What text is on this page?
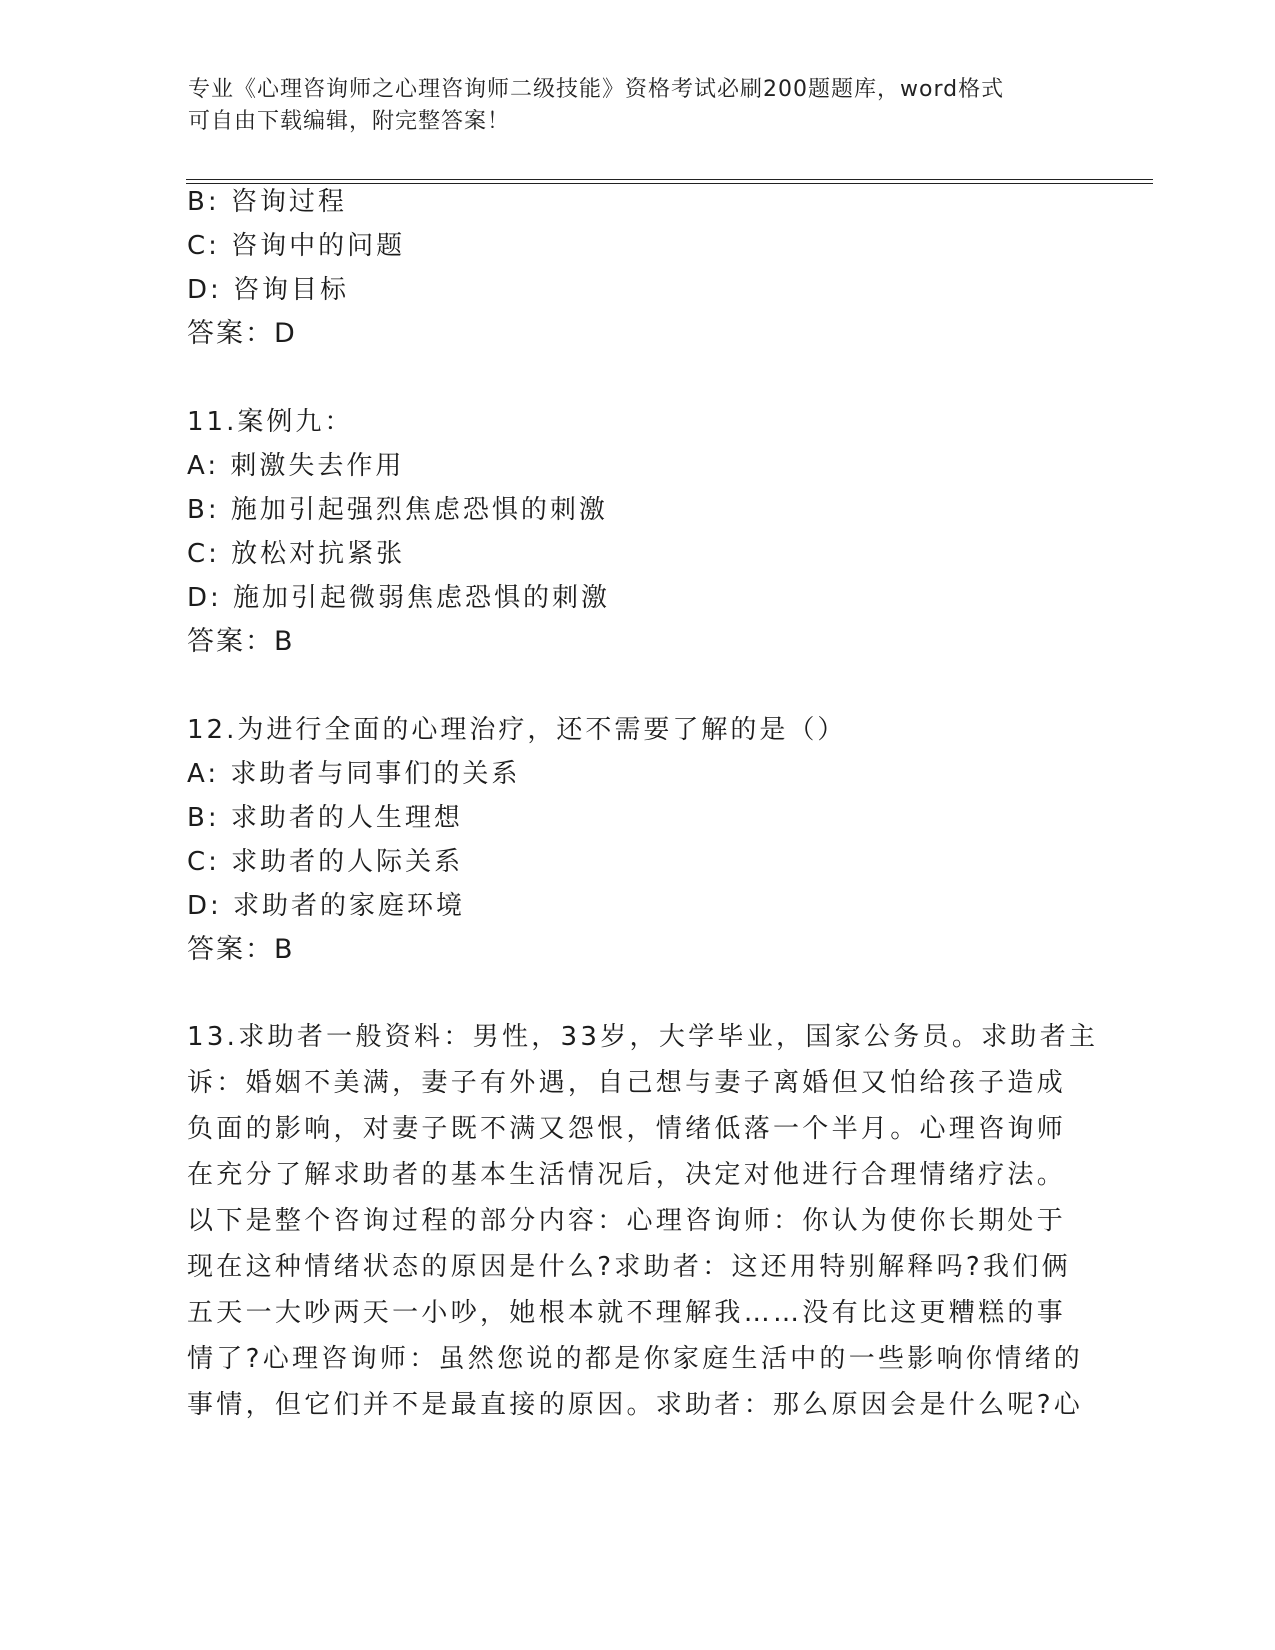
专业《心理咨询师之心理咨询师二级技能》资格考试必刷200题题库，word格式
可自由下载编辑，附完整答案！
B: 咨询过程
C: 咨询中的问题
D: 咨询目标
答案：D
11.案例九：
A: 刺激失去作用
B: 施加引起强烈焦虑恐惧的刺激
C: 放松对抗紧张
D: 施加引起微弱焦虑恐惧的刺激
答案：B
12.为进行全面的心理治疗，还不需要了解的是（）
A: 求助者与同事们的关系
B: 求助者的人生理想
C: 求助者的人际关系
D: 求助者的家庭环境
答案：B
13.求助者一般资料：男性，33岁，大学毕业，国家公务员。求助者主
诉：婚姻不美满，妻子有外遇，自己想与妻子离婚但又怕给孩子造成
负面的影响，对妻子既不满又怨恨，情绪低落一个半月。心理咨询师
在充分了解求助者的基本生活情况后，决定对他进行合理情绪疗法。
以下是整个咨询过程的部分内容：心理咨询师：你认为使你长期处于
现在这种情绪状态的原因是什么?求助者：这还用特别解释吗?我们俩
五天一大吵两天一小吵，她根本就不理解我……没有比这更糟糕的事
情了?心理咨询师：虽然您说的都是你家庭生活中的一些影响你情绪的
事情，但它们并不是最直接的原因。求助者：那么原因会是什么呢?心
